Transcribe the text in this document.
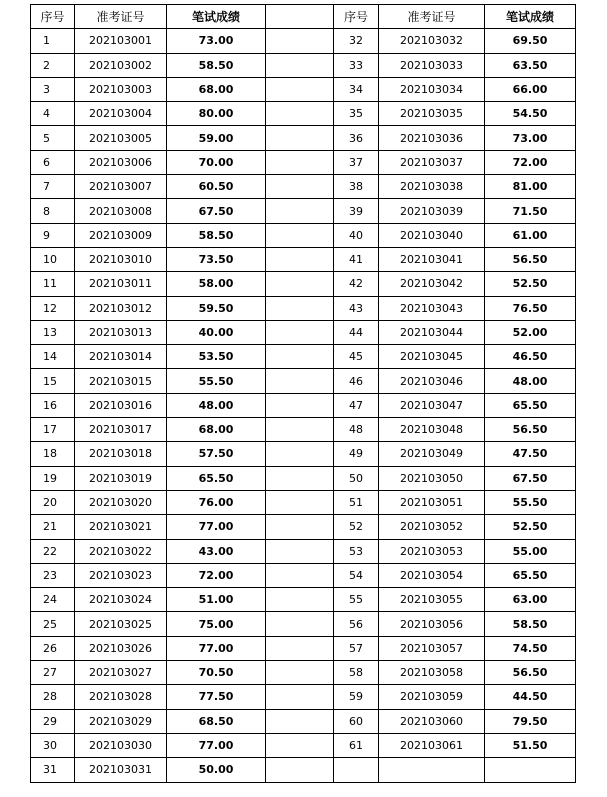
序号	准考证号	笔试成绩		序号	准考证号	笔试成绩
1	202103001	73.00		32	202103032	69.50
2	202103002	58.50		33	202103033	63.50
3	202103003	68.00		34	202103034	66.00
4	202103004	80.00		35	202103035	54.50
5	202103005	59.00		36	202103036	73.00
6	202103006	70.00		37	202103037	72.00
7	202103007	60.50		38	202103038	81.00
8	202103008	67.50		39	202103039	71.50
9	202103009	58.50		40	202103040	61.00
10	202103010	73.50		41	202103041	56.50
11	202103011	58.00		42	202103042	52.50
12	202103012	59.50		43	202103043	76.50
13	202103013	40.00		44	202103044	52.00
14	202103014	53.50		45	202103045	46.50
15	202103015	55.50		46	202103046	48.00
16	202103016	48.00		47	202103047	65.50
17	202103017	68.00		48	202103048	56.50
18	202103018	57.50		49	202103049	47.50
19	202103019	65.50		50	202103050	67.50
20	202103020	76.00		51	202103051	55.50
21	202103021	77.00		52	202103052	52.50
22	202103022	43.00		53	202103053	55.00
23	202103023	72.00		54	202103054	65.50
24	202103024	51.00		55	202103055	63.00
25	202103025	75.00		56	202103056	58.50
26	202103026	77.00		57	202103057	74.50
27	202103027	70.50		58	202103058	56.50
28	202103028	77.50		59	202103059	44.50
29	202103029	68.50		60	202103060	79.50
30	202103030	77.00		61	202103061	51.50
31	202103031	50.00				
